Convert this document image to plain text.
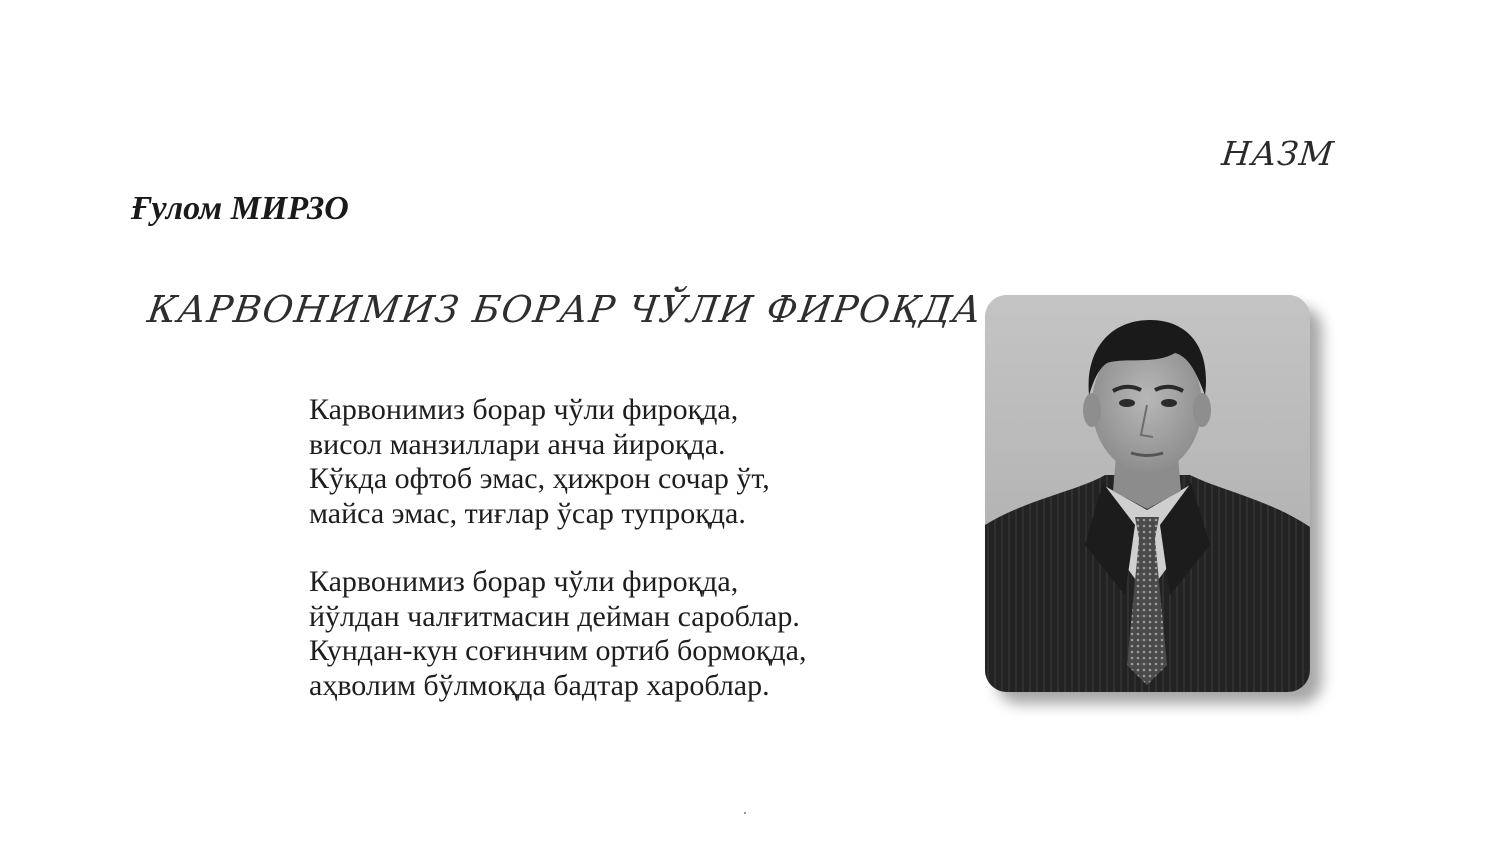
НАЗМ
Ғулом МИРЗО
КАРВОНИМИЗ БОРАР ЧЎЛИ ФИРОҚДА
Карвонимиз борар чўли фироқда,
висол манзиллари анча йироқда.
Кўкда офтоб эмас, ҳижрон сочар ўт,
майса эмас, тиғлар ўсар тупроқда.
Карвонимиз борар чўли фироқда,
йўлдан чалғитмасин дейман сароблар.
Кундан-кун соғинчим ортиб бормоқда,
аҳволим бўлмоқда бадтар хароблар.
